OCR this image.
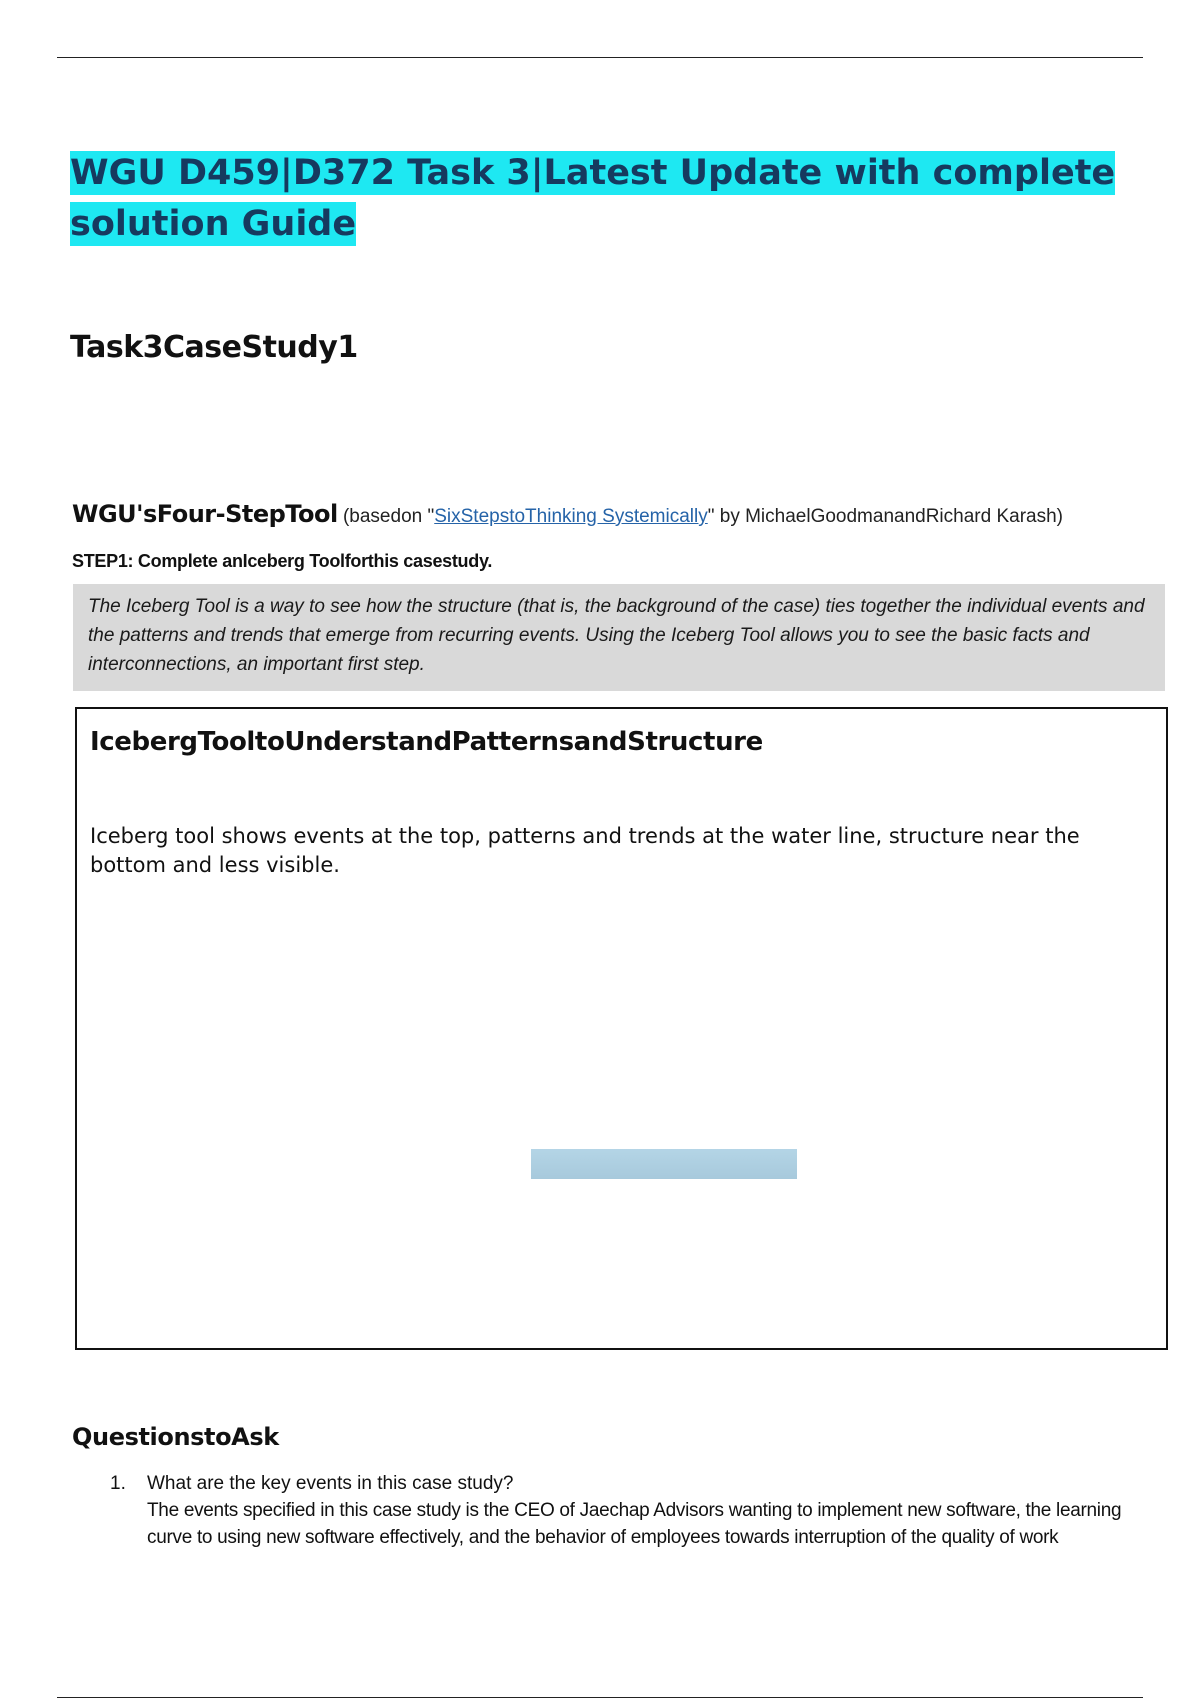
WGU D459|D372 Task 3|Latest Update with complete solution Guide
Task3CaseStudy1
WGU'sFour-StepTool (basedon "SixStepstoThinking Systemically" by MichaelGoodmanandRichard Karash)
STEP1: Complete anIceberg Toolforthis casestudy.
The Iceberg Tool is a way to see how the structure (that is, the background of the case) ties together the individual events and the patterns and trends that emerge from recurring events. Using the Iceberg Tool allows you to see the basic facts and interconnections, an important first step.
IcebergTooltoUnderstandPatternsandStructure

Iceberg tool shows events at the top, patterns and trends at the water line, structure near the bottom and less visible.

QuestionstoAsk
1. What are the key events in this case study?
The events specified in this case study is the CEO of Jaechap Advisors wanting to implement new software, the learning curve to using new software effectively, and the behavior of employees towards interruption of the quality of work
